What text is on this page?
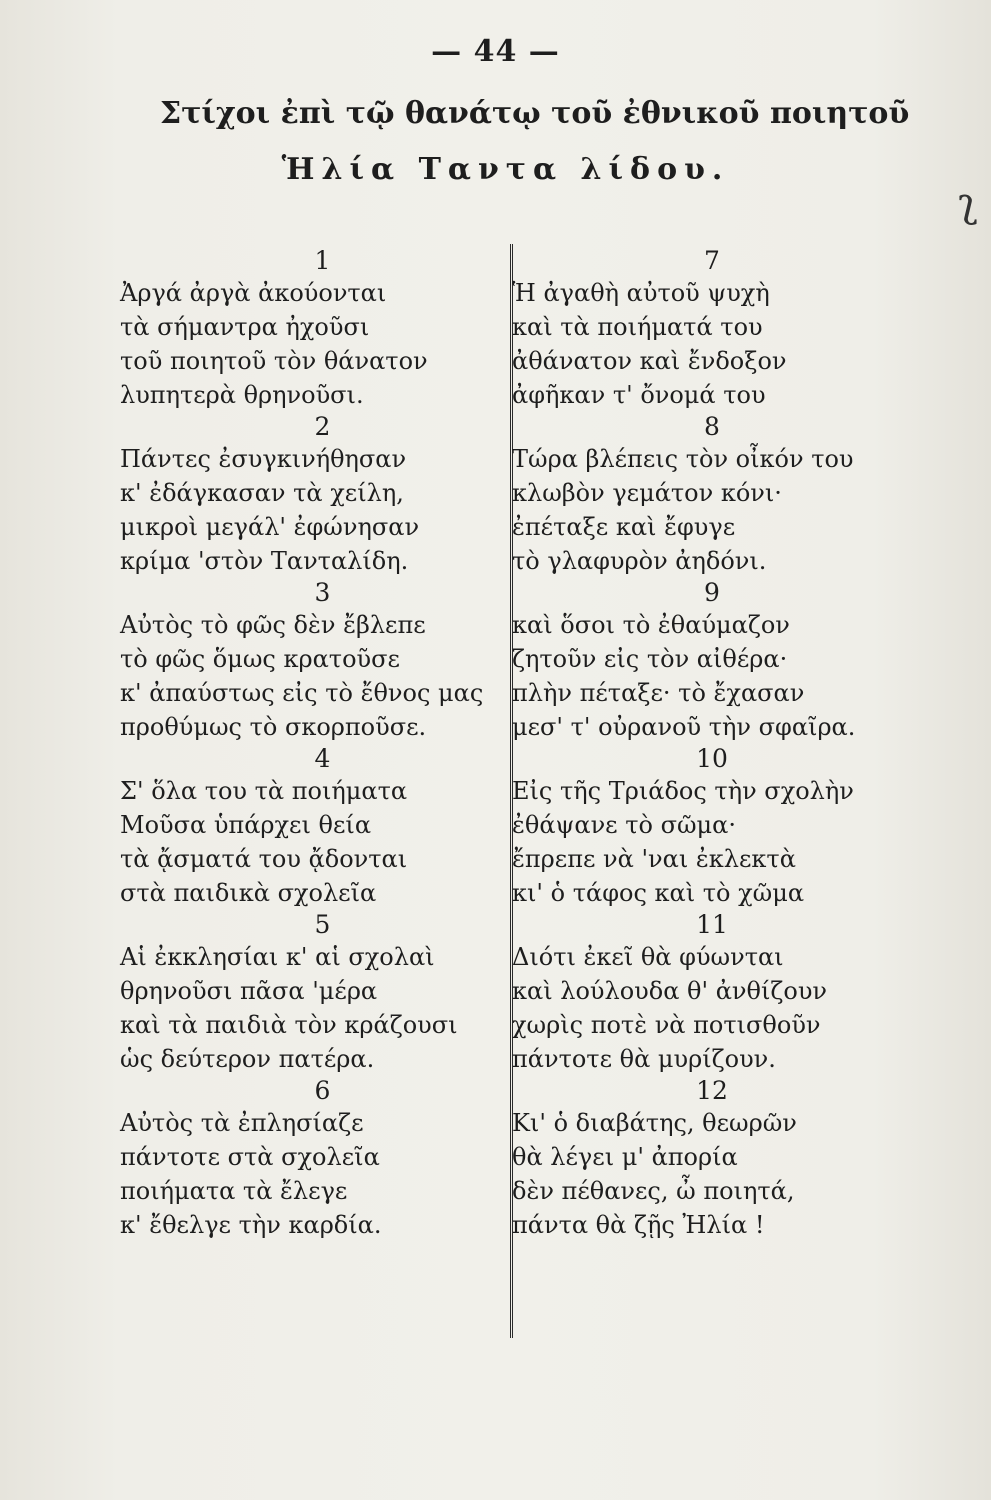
— 44 —
Στίχοι ἐπὶ τῷ θανάτῳ τοῦ ἐθνικοῦ ποιητοῦ
Ἡλία Ταντα λίδου.
ʅ
1
Ἀργά ἀργὰ ἀκούονται
τὰ σήμαντρα ἠχοῦσι
τοῦ ποιητοῦ τὸν θάνατον
λυπητερὰ θρηνοῦσι.
2
Πάντες ἐσυγκινήθησαν
κ' ἐδάγκασαν τὰ χείλη,
μικροὶ μεγάλ' ἐφώνησαν
κρίμα 'στὸν Τανταλίδη.
3
Αὐτὸς τὸ φῶς δὲν ἔβλεπε
τὸ φῶς ὅμως κρατοῦσε
κ' ἀπαύστως εἰς τὸ ἔθνος μας
προθύμως τὸ σκορποῦσε.
4
Σ' ὅλα του τὰ ποιήματα
Μοῦσα ὑπάρχει θεία
τὰ ᾄσματά του ᾄδονται
στὰ παιδικὰ σχολεῖα
5
Αἱ ἐκκλησίαι κ' αἱ σχολαὶ
θρηνοῦσι πᾶσα 'μέρα
καὶ τὰ παιδιὰ τὸν κράζουσι
ὡς δεύτερον πατέρα.
6
Αὐτὸς τὰ ἐπλησίαζε
πάντοτε στὰ σχολεῖα
ποιήματα τὰ ἔλεγε
κ' ἔθελγε τὴν καρδία.
7
Ἡ ἀγαθὴ αὐτοῦ ψυχὴ
καὶ τὰ ποιήματά του
ἀθάνατον καὶ ἔνδοξον
ἀφῆκαν τ' ὄνομά του
8
Τώρα βλέπεις τὸν οἶκόν του
κλωβὸν γεμάτον κόνι·
ἐπέταξε καὶ ἔφυγε
τὸ γλαφυρὸν ἀηδόνι.
9
καὶ ὅσοι τὸ ἐθαύμαζον
ζητοῦν εἰς τὸν αἰθέρα·
πλὴν πέταξε· τὸ ἔχασαν
μεσ' τ' οὐρανοῦ τὴν σφαῖρα.
10
Εἰς τῆς Τριάδος τὴν σχολὴν
ἐθάψανε τὸ σῶμα·
ἔπρεπε νὰ 'ναι ἐκλεκτὰ
κι' ὁ τάφος καὶ τὸ χῶμα
11
Διότι ἐκεῖ θὰ φύωνται
καὶ λούλουδα θ' ἀνθίζουν
χωρὶς ποτὲ νὰ ποτισθοῦν
πάντοτε θὰ μυρίζουν.
12
Κι' ὁ διαβάτης, θεωρῶν
θὰ λέγει μ' ἀπορία
δὲν πέθανες, ὦ ποιητά,
πάντα θὰ ζῇς Ἠλία !
